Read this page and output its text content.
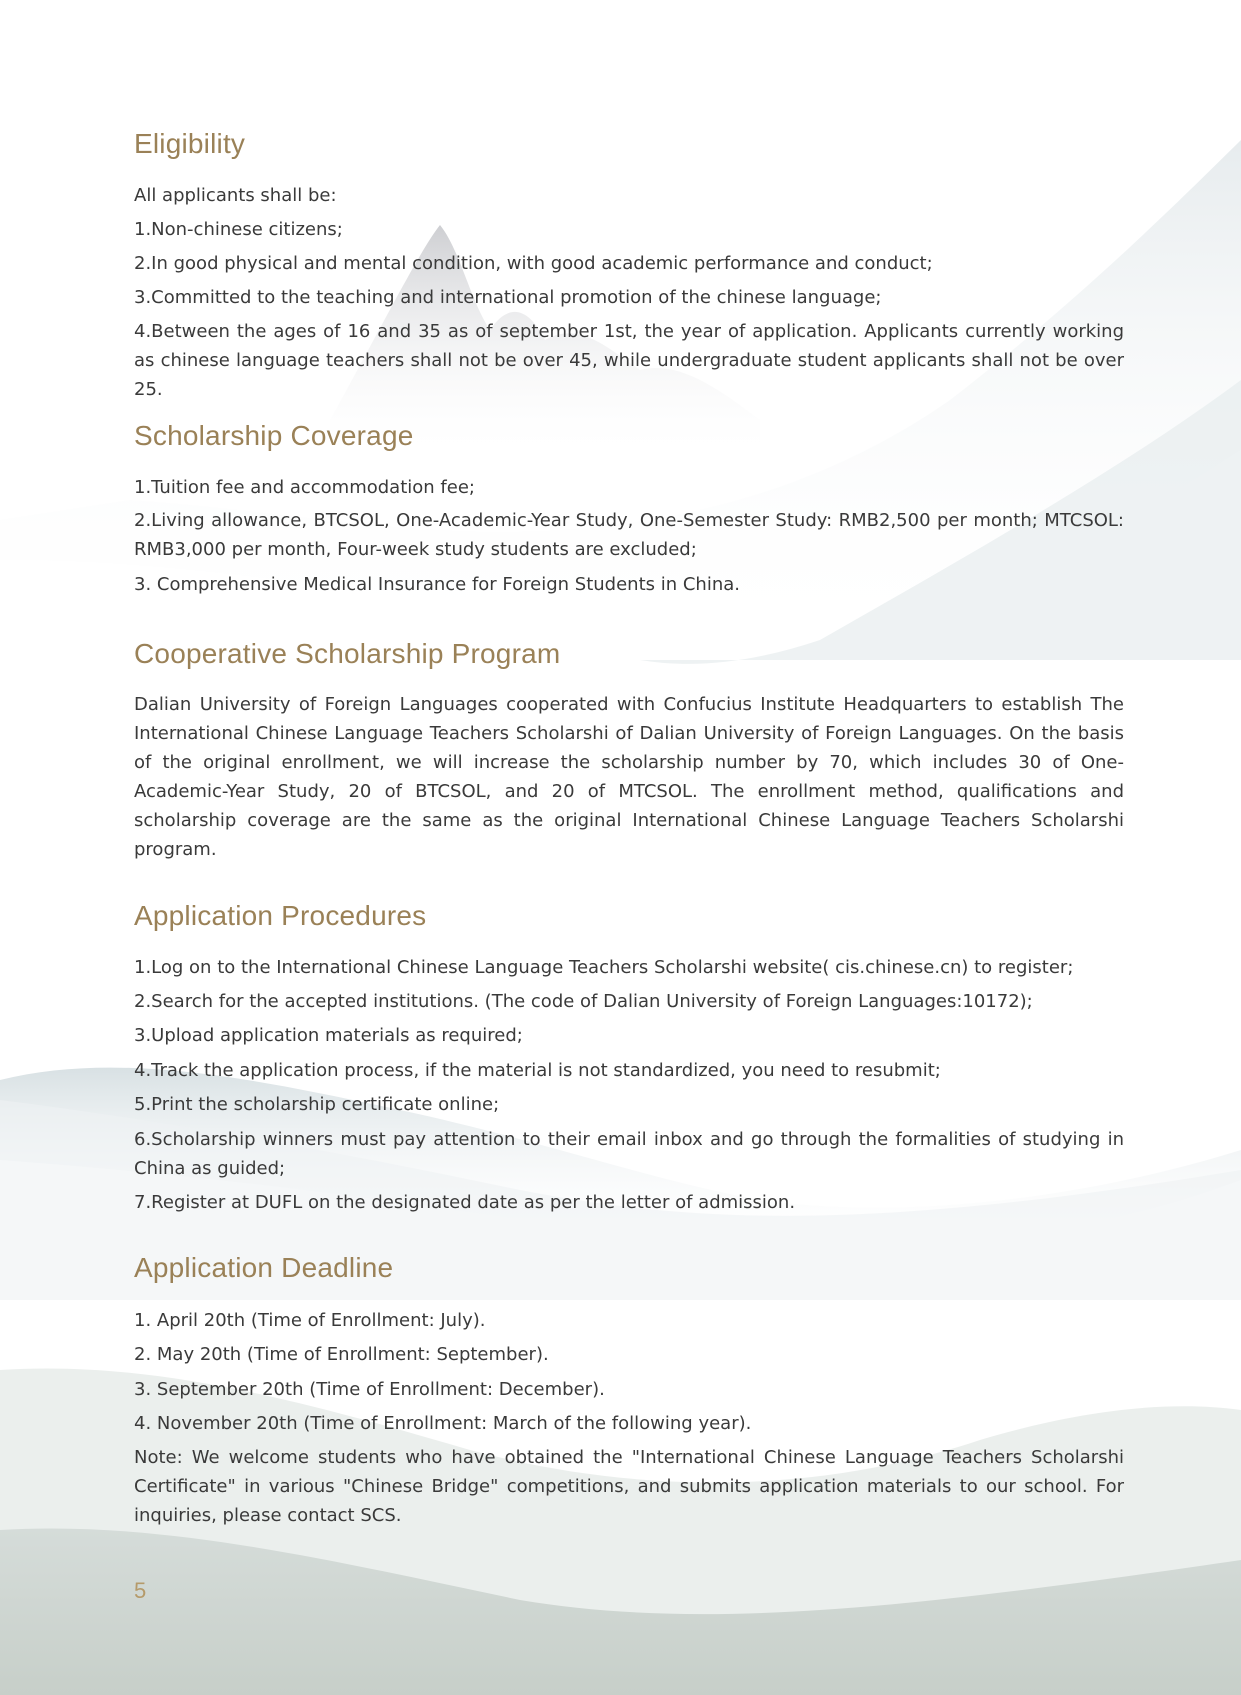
Eligibility

All applicants shall be:

1.Non-chinese citizens;

2.In good physical and mental condition, with good academic performance and conduct;

3.Committed to the teaching and international promotion of the chinese language;

4.Between the ages of 16 and 35 as of september 1st, the year of application. Applicants currently working as chinese language teachers shall not be over 45, while undergraduate student applicants shall not be over 25.

Scholarship Coverage

1.Tuition fee and accommodation fee;

2.Living allowance, BTCSOL, One-Academic-Year Study, One-Semester Study: RMB2,500 per month; MTCSOL: RMB3,000 per month, Four-week study students are excluded;

3. Comprehensive Medical Insurance for Foreign Students in China.

Cooperative Scholarship Program

Dalian University of Foreign Languages cooperated with Confucius Institute Headquarters to establish The International Chinese Language Teachers Scholarshi of Dalian University of Foreign Languages. On the basis of the original enrollment, we will increase the scholarship number by 70, which includes 30 of One-Academic-Year Study, 20 of BTCSOL, and 20 of MTCSOL. The enrollment method, qualifications and scholarship coverage are the same as the original International Chinese Language Teachers Scholarshi program.

Application Procedures

1.Log on to the International Chinese Language Teachers Scholarshi website( cis.chinese.cn) to register;

2.Search for the accepted institutions. (The code of Dalian University of Foreign Languages:10172);

3.Upload application materials as required;

4.Track the application process, if the material is not standardized, you need to resubmit;

5.Print the scholarship certificate online;

6.Scholarship winners must pay attention to their email inbox and go through the formalities of studying in China as guided;

7.Register at DUFL on the designated date as per the letter of admission.

Application Deadline

1. April 20th (Time of Enrollment: July).

2. May 20th (Time of Enrollment: September).

3. September 20th (Time of Enrollment: December).

4. November 20th (Time of Enrollment: March of the following year).

Note: We welcome students who have obtained the "International Chinese Language Teachers Scholarshi Certificate" in various "Chinese Bridge" competitions, and submits application materials to our school. For inquiries, please contact SCS.

5
